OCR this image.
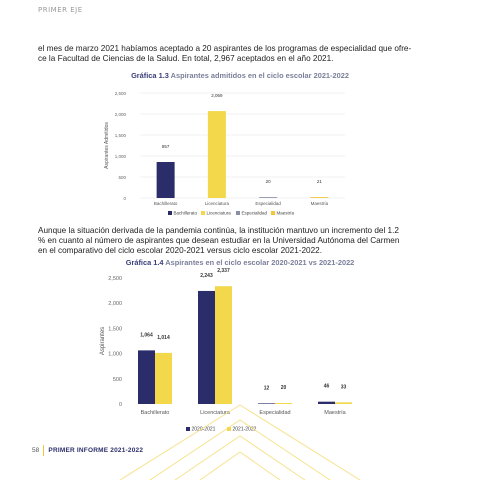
PRIMER EJE

el mes de marzo 2021 habíamos aceptado a 20 aspirantes de los programas de especialidad que ofre-
ce la Facultad de Ciencias de la Salud. En total, 2,967 aceptados en el año 2021.

Gráfica 1.3 Aspirantes admitidos en el ciclo escolar 2021-2022
0
500
1,000
1,500
2,000
2,500
Aspirantes Admitidos	857
Bachillerato
2,069
Licenciatura
20
Especialidad
21
Maestría
Bachillerato Licenciatura Especialidad Maestría

Aunque la situación derivada de la pandemia continúa, la institución mantuvo un incremento del 1.2
% en cuanto al número de aspirantes que desean estudiar en la Universidad Autónoma del Carmen
en el comparativo del ciclo escolar 2020-2021 versus ciclo escolar 2021-2022.

Gráfica 1.4 Aspirantes en el ciclo escolar 2020-2021 vs 2021-2022
0
500
1,000
1,500
2,000
2,500
Aspirantes	1,064 1,014
Bachillerato
2,243
2,337
Licenciatura
12 20
Especialidad
46 33
Maestría
2020-2021	2021-2022
58 PRIMER INFORME 2021-2022
